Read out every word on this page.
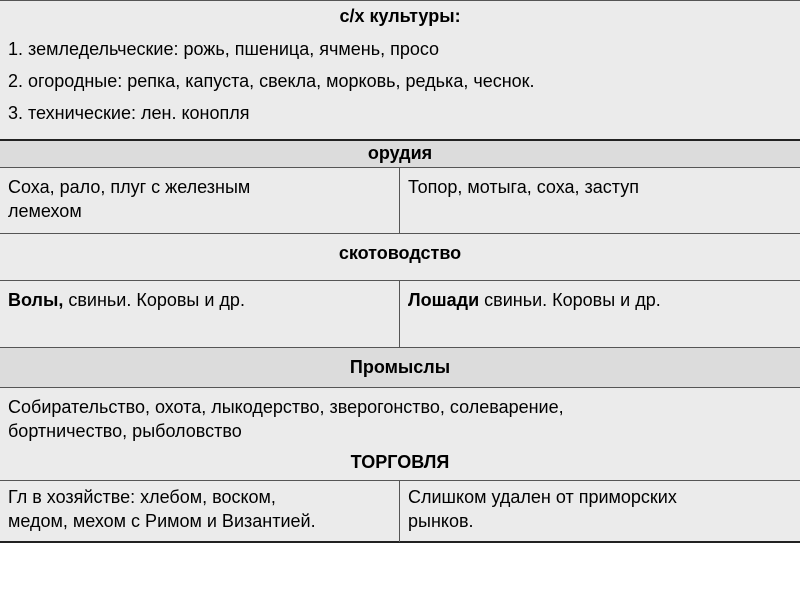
с/х культуры:
1. земледельческие: рожь, пшеница, ячмень, просо
2. огородные: репка, капуста, свекла, морковь, редька, чеснок.
3. технические: лен. конопля
орудия
Соха, рало, плуг с железным
лемехом
Топор, мотыга, соха, заступ
скотоводство
Волы, свиньи. Коровы и др.	Лошади свиньи. Коровы и др.
Промыслы
Собирательство, охота, лыкодерство, зверогонство, солеварение,
бортничество, рыболовство
ТОРГОВЛЯ
Гл в хозяйстве: хлебом, воском,
медом, мехом с Римом и Византией.
Слишком удален от приморских
рынков.
